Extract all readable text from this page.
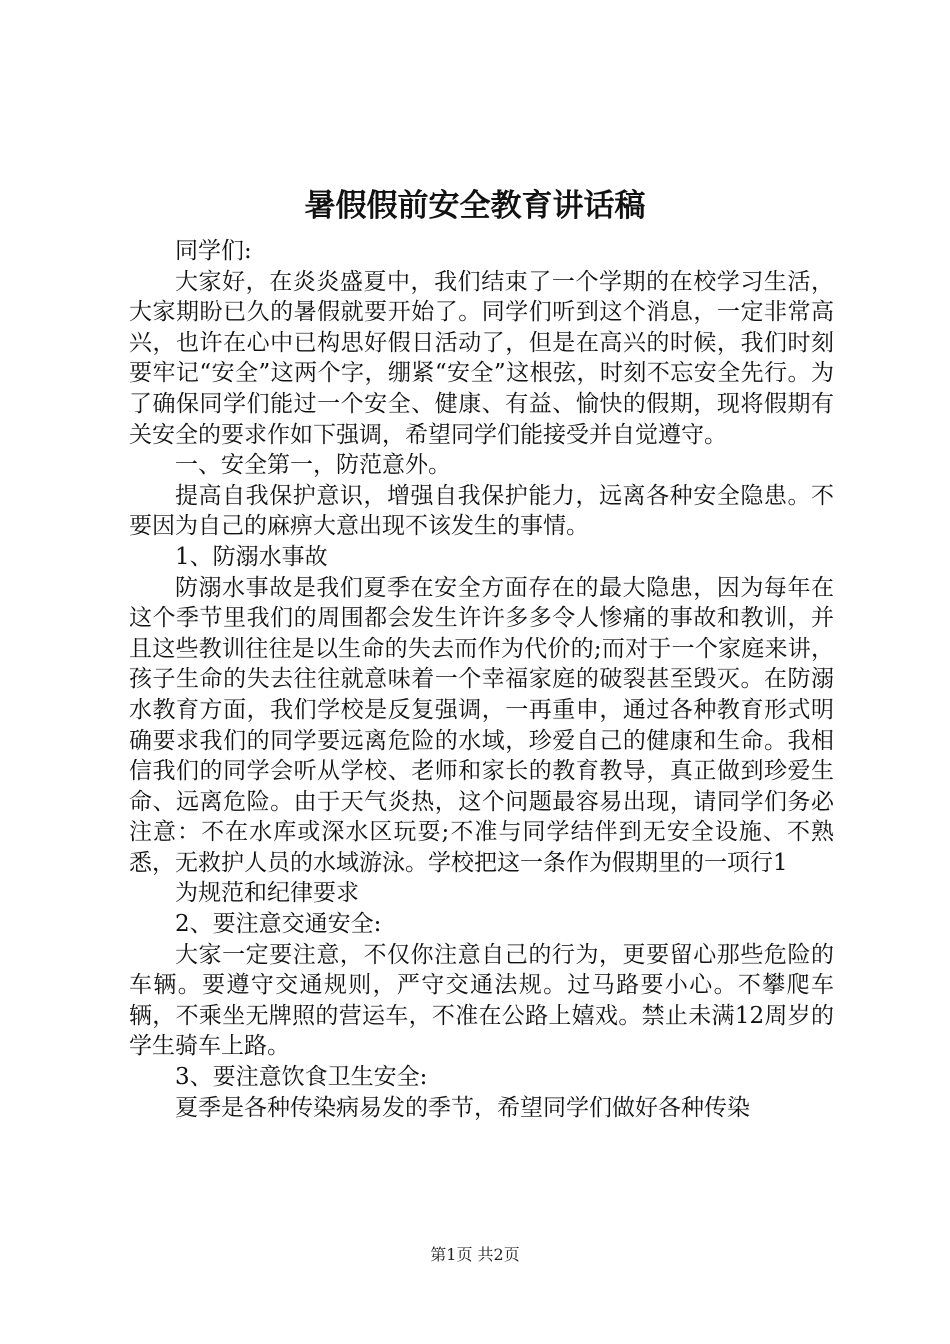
暑假假前安全教育讲话稿

同学们:

大家好，在炎炎盛夏中，我们结束了一个学期的在校学习生活，大家期盼已久的暑假就要开始了。同学们听到这个消息，一定非常高兴，也许在心中已构思好假日活动了，但是在高兴的时候，我们时刻要牢记“安全”这两个字，绷紧“安全”这根弦，时刻不忘安全先行。为了确保同学们能过一个安全、健康、有益、愉快的假期，现将假期有关安全的要求作如下强调，希望同学们能接受并自觉遵守。

一、安全第一，防范意外。

提高自我保护意识，增强自我保护能力，远离各种安全隐患。不要因为自己的麻痹大意出现不该发生的事情。

1、防溺水事故

防溺水事故是我们夏季在安全方面存在的最大隐患，因为每年在这个季节里我们的周围都会发生许许多多令人惨痛的事故和教训，并且这些教训往往是以生命的失去而作为代价的;而对于一个家庭来讲，孩子生命的失去往往就意味着一个幸福家庭的破裂甚至毁灭。在防溺水教育方面，我们学校是反复强调，一再重申，通过各种教育形式明确要求我们的同学要远离危险的水域，珍爱自己的健康和生命。我相信我们的同学会听从学校、老师和家长的教育教导，真正做到珍爱生命、远离危险。由于天气炎热，这个问题最容易出现，请同学们务必注意：不在水库或深水区玩耍;不准与同学结伴到无安全设施、不熟悉，无救护人员的水域游泳。学校把这一条作为假期里的一项行1

为规范和纪律要求

2、要注意交通安全:

大家一定要注意，不仅你注意自己的行为，更要留心那些危险的车辆。要遵守交通规则，严守交通法规。过马路要小心。不攀爬车辆，不乘坐无牌照的营运车，不准在公路上嬉戏。禁止未满12周岁的学生骑车上路。

3、要注意饮食卫生安全:

夏季是各种传染病易发的季节，希望同学们做好各种传染

第1页 共2页
